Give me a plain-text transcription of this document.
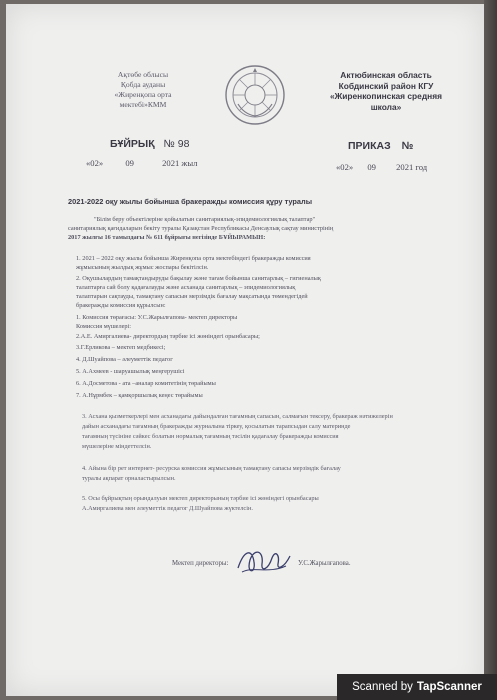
Ақтөбе облысы
Қобда ауданы
«Жиренқопа орта
мектебі»КММ
Актюбинская область
Кобдинский район КГУ
«Жиренкопинская средняя
школа»
БҰЙРЫҚ № 98
«02»	09	2021 жыл
ПРИКАЗ №
«02» 09 2021 год
2021-2022 оқу жылы бойынша бракеражды комиссия құру туралы
"Білім беру объектілеріне қойылатын санитариялық-эпидемиологиялық талаптар"
санитариялық қағидаларын бекіту туралы Қазақстан Республикасы Денсаулық сақтау министрінің
2017 жылғы 16 тамыздағы № 611 бұйрығы негізінде БҰЙЫРАМЫН:
1. 2021 – 2022 оқу жылы бойынша Жиренқопа орта мектебіндегі бракеражды комиссия
жұмысының жылдық жұмыс жоспары бекітілсін.
2. Оқушылардың тамақтандыруды бақылау және тағам бойынша санитарлық – гигиеналық
талаптарға сай болу қадағалауды және асханада санитарлық – эпидемиологиялық
талаптарын сақтауды, тамақтану сапасын мерзімдік бағалау мақсатында төмендегідей
бракеражды комиссия құрылсын:
1. Комиссия төрағасы: У.С.Жарылғапова- мектеп директоры
Комиссия мүшелері:
2.А.Е. Амиргалиева- директордың тәрбие ісі жөніндегі орынбасары;
3.Г.Ерликова – мектеп медбикесі;
4. Д.Шуайпова – әлеуметтік педагог
5. А.Ахмеев - шаруашылық меңгерушісі
6. А.Досметова - ата –аналар комитетінің төрайымы
7. А.Нұрмбек – қамқоршылық кеңес төрайымы
3. Асхана қызметкерлері мен асханадағы дайындалған тағамның сапасын, салмағын тексеру, бракераж нәтижелерін
дайын асханадағы тағамның бракеражды журналына тіркеу, қосылатын тарапсыдан салу материнде
тағамның түсініне сәйкес болатын нормалық тағамның тәсілін қадағалау бракеражды комиссия
мүшелеріне міндеттелсін.
4. Айына бір рет интернет- ресурска комиссия жұмысының тамақтану сапасы мерзімдік бағалау
туралы ақпарат орналастырылсын.
5. Осы бұйрықтың орындалуын мектеп директорының тәрбие ісі жөніндегі орынбасары
А.Амиргалиева мен әлеуметтік педагог Д.Шуайпова жүктелсін.
Мектеп директоры:	У.С.Жарылғапова.
Scanned by TapScanner
